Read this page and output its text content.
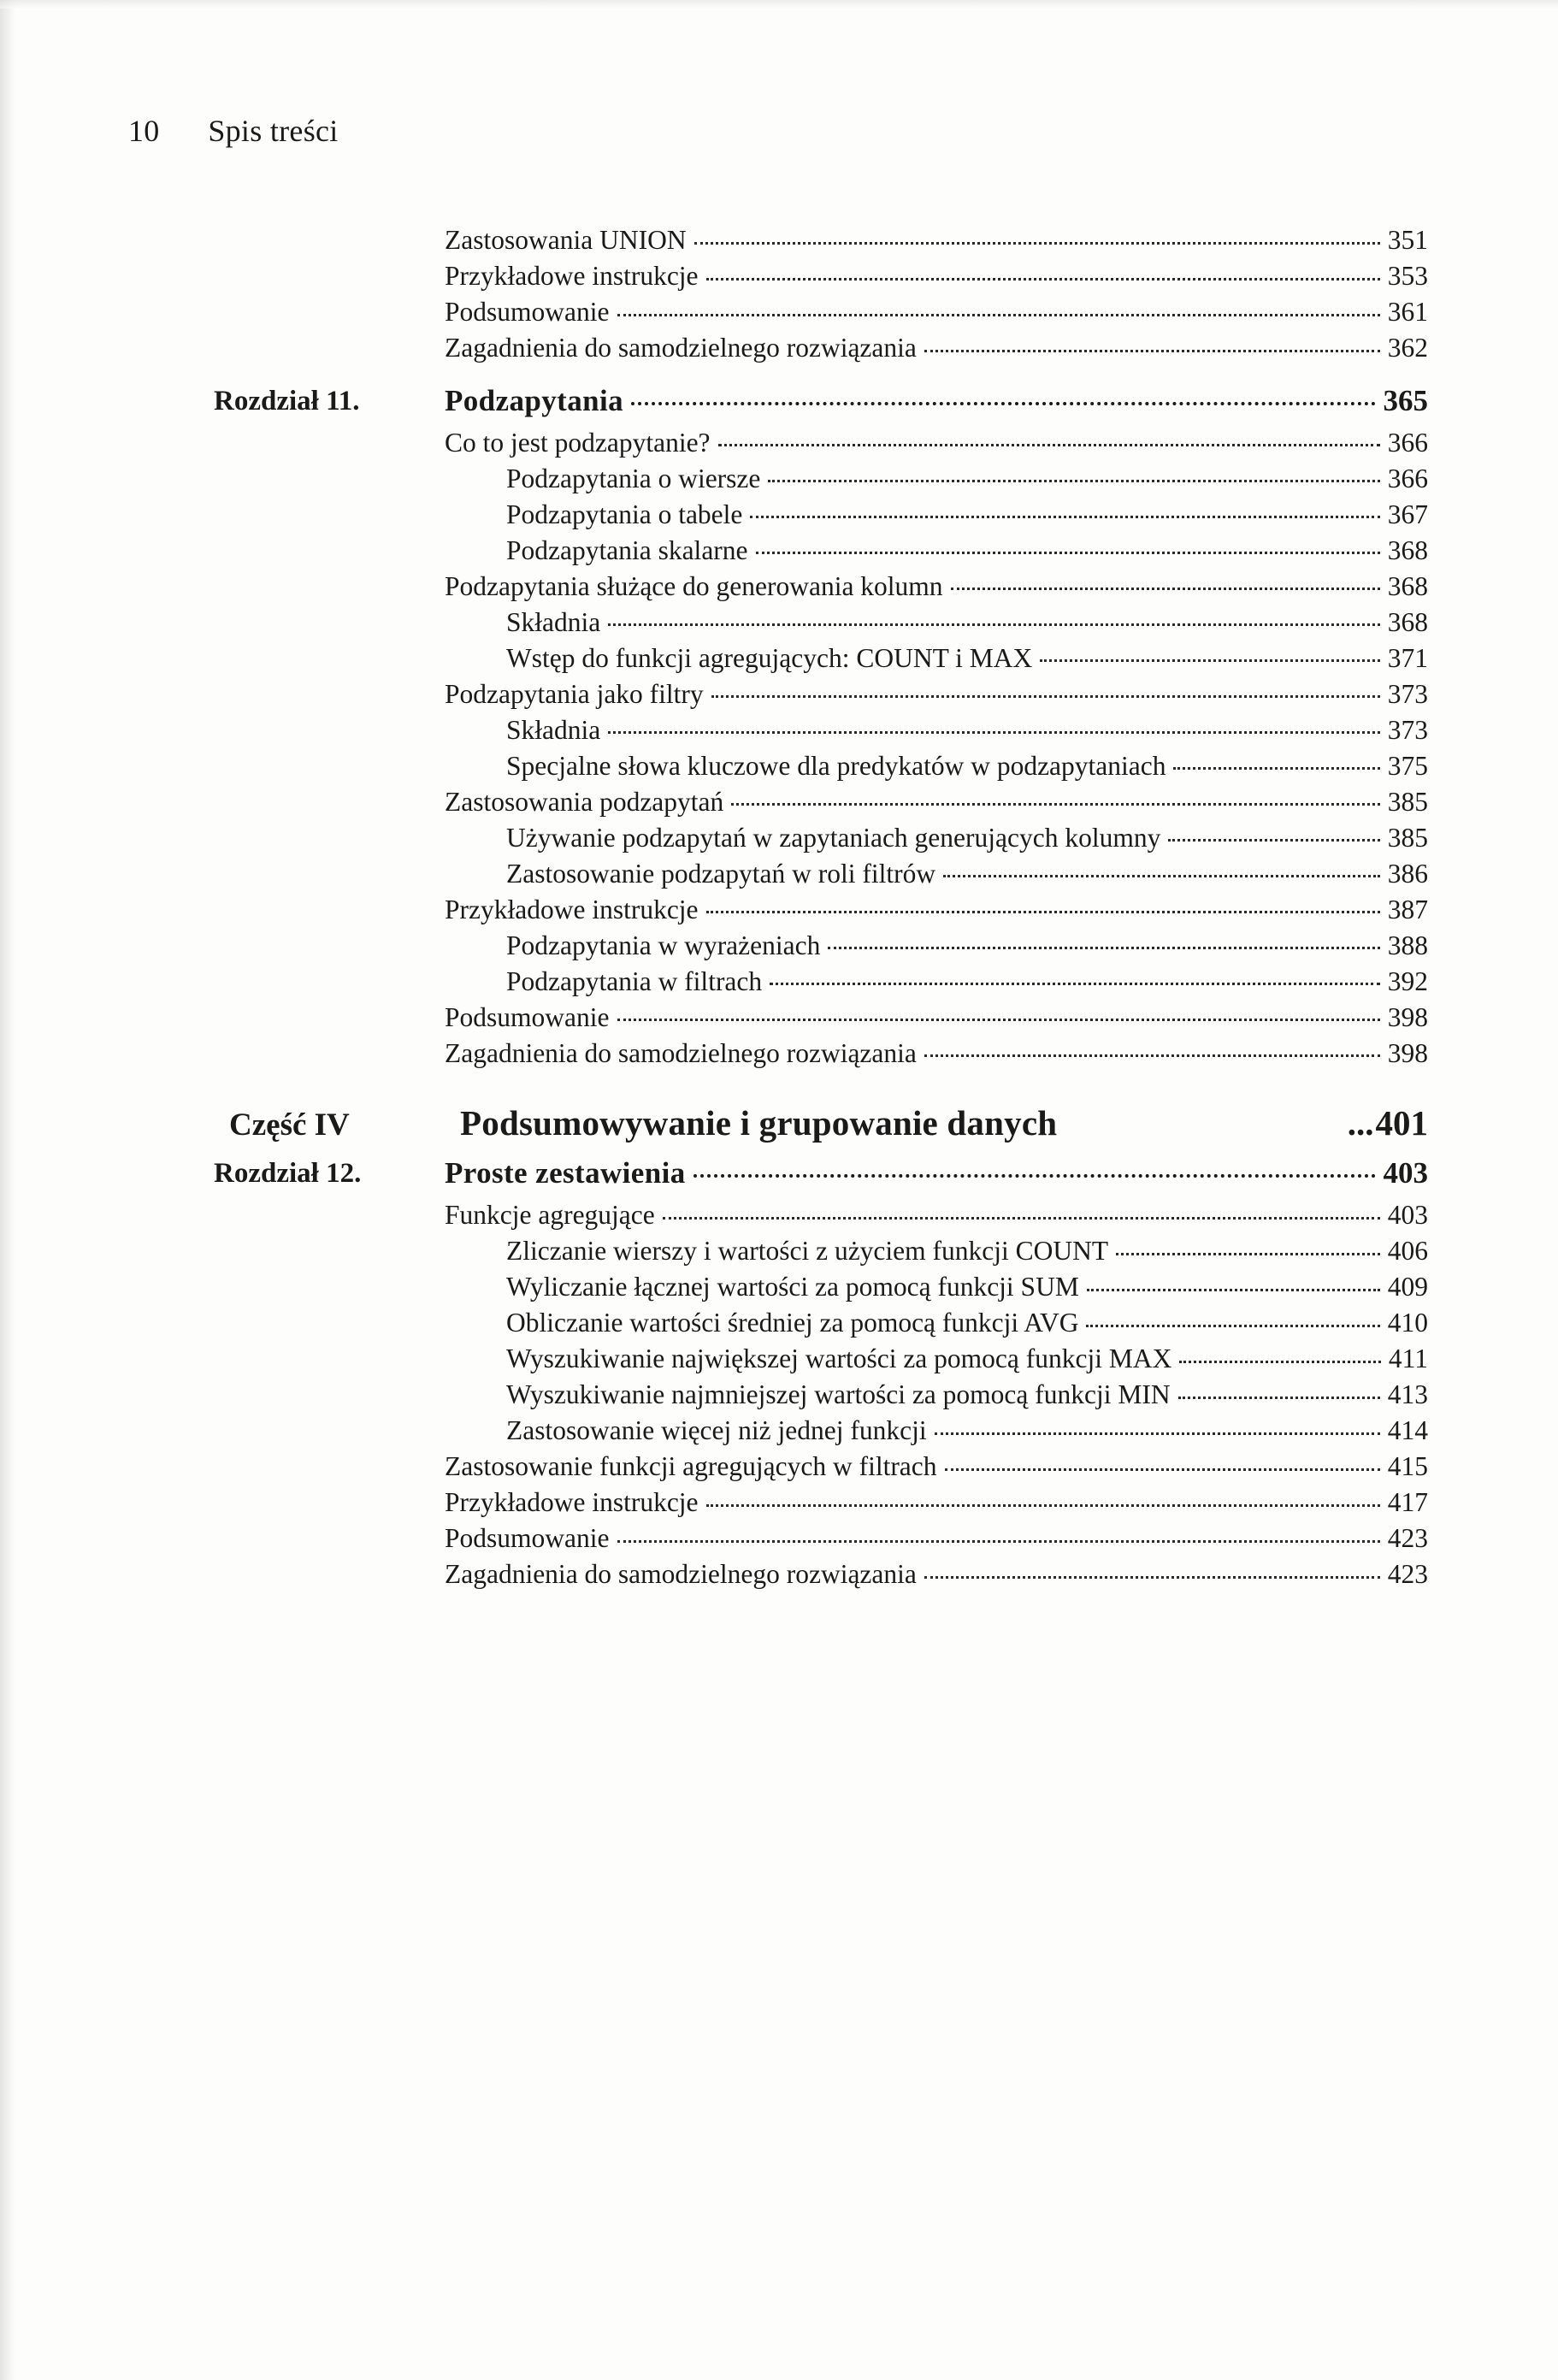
10 Spis treści
Zastosowania UNION	351
Przykładowe instrukcje	353
Podsumowanie	361
Zagadnienia do samodzielnego rozwiązania	362
Rozdział 11.	Podzapytania	365
Co to jest podzapytanie?	366
Podzapytania o wiersze	366
Podzapytania o tabele	367
Podzapytania skalarne	368
Podzapytania służące do generowania kolumn	368
Składnia	368
Wstęp do funkcji agregujących: COUNT i MAX	371
Podzapytania jako filtry	373
Składnia	373
Specjalne słowa kluczowe dla predykatów w podzapytaniach	375
Zastosowania podzapytań	385
Używanie podzapytań w zapytaniach generujących kolumny	385
Zastosowanie podzapytań w roli filtrów	386
Przykładowe instrukcje	387
Podzapytania w wyrażeniach	388
Podzapytania w filtrach	392
Podsumowanie	398
Zagadnienia do samodzielnego rozwiązania	398
Część IV	Podsumowywanie i grupowanie danych	... 401
Rozdział 12.	Proste zestawienia	403
Funkcje agregujące	403
Zliczanie wierszy i wartości z użyciem funkcji COUNT	406
Wyliczanie łącznej wartości za pomocą funkcji SUM	409
Obliczanie wartości średniej za pomocą funkcji AVG	410
Wyszukiwanie największej wartości za pomocą funkcji MAX	411
Wyszukiwanie najmniejszej wartości za pomocą funkcji MIN	413
Zastosowanie więcej niż jednej funkcji	414
Zastosowanie funkcji agregujących w filtrach	415
Przykładowe instrukcje	417
Podsumowanie	423
Zagadnienia do samodzielnego rozwiązania	423
